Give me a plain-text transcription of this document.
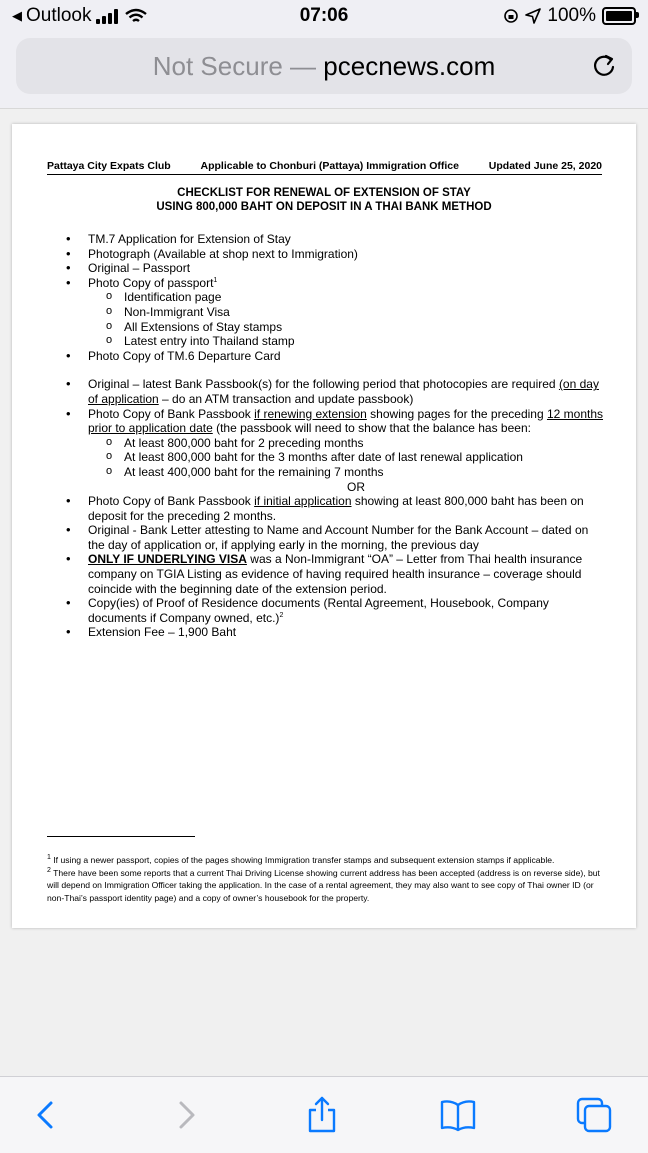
◀ Outlook	07:06	100%
Not Secure — pcecnews.com
Pattaya City Expats Club	Applicable to Chonburi (Pattaya) Immigration Office	Updated June 25, 2020
CHECKLIST FOR RENEWAL OF EXTENSION OF STAY
USING 800,000 BAHT ON DEPOSIT IN A THAI BANK METHOD
• TM.7 Application for Extension of Stay
• Photograph (Available at shop next to Immigration)
• Original – Passport
• Photo Copy of passport$^1$
o Identification page
o Non-Immigrant Visa
o All Extensions of Stay stamps
o Latest entry into Thailand stamp
• Photo Copy of TM.6 Departure Card
• Original – latest Bank Passbook(s) for the following period that photocopies are required (on day of application – do an ATM transaction and update passbook)
• Photo Copy of Bank Passbook if renewing extension showing pages for the preceding 12 months prior to application date (the passbook will need to show that the balance has been:
o At least 800,000 baht for 2 preceding months
o At least 800,000 baht for the 3 months after date of last renewal application
o At least 400,000 baht for the remaining 7 months
OR
• Photo Copy of Bank Passbook if initial application showing at least 800,000 baht has been on deposit for the preceding 2 months.
• Original - Bank Letter attesting to Name and Account Number for the Bank Account – dated on the day of application or, if applying early in the morning, the previous day
• ONLY IF UNDERLYING VISA was a Non-Immigrant “OA” – Letter from Thai health insurance company on TGIA Listing as evidence of having required health insurance – coverage should coincide with the beginning date of the extension period.
• Copy(ies) of Proof of Residence documents (Rental Agreement, Housebook, Company documents if Company owned, etc.)$^2$
• Extension Fee – 1,900 Baht
$^1$ If using a newer passport, copies of the pages showing Immigration transfer stamps and subsequent extension stamps if applicable.
$^2$ There have been some reports that a current Thai Driving License showing current address has been accepted (address is on reverse side), but will depend on Immigration Officer taking the application. In the case of a rental agreement, they may also want to see copy of Thai owner ID (or non-Thai’s passport identity page) and a copy of owner’s housebook for the property.
